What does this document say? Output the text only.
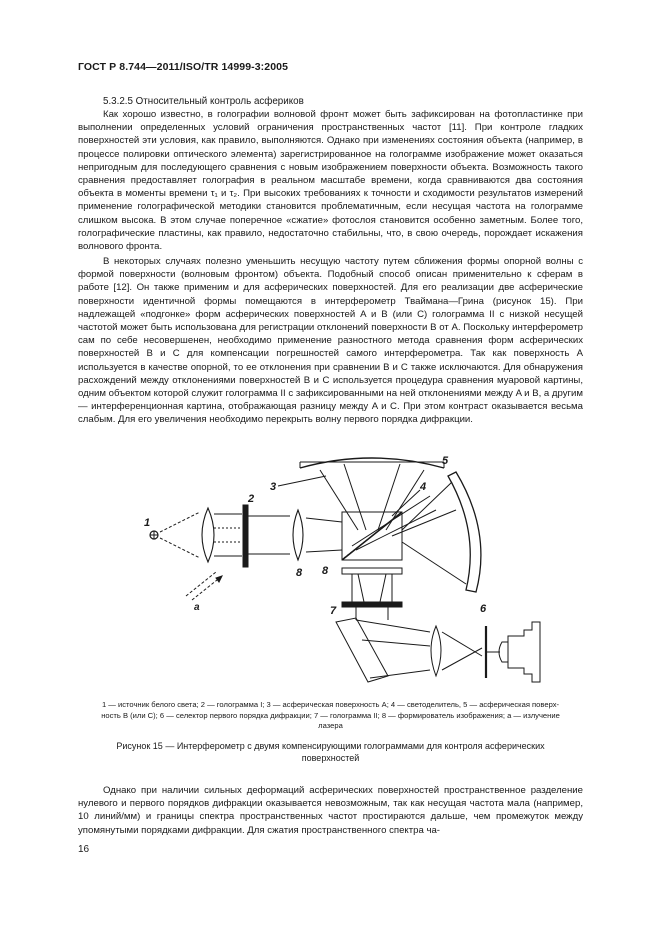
ГОСТ Р 8.744—2011/ISO/TR 14999-3:2005
5.3.2.5 Относительный контроль асфериков

Как хорошо известно, в голографии волновой фронт может быть зафиксирован на фотопластинке при выполнении определенных условий ограничения пространственных частот [11]. При контроле гладких поверхностей эти условия, как правило, выполняются. Однако при изменениях состояния объекта (например, в процессе полировки оптического элемента) зарегистрированное на голограмме изображение может оказаться непригодным для последующего сравнения с новым изображением поверхности объекта. Возможность такого сравнения предоставляет голография в реальном масштабе времени, когда сравниваются два состояния объекта в моменты времени τ₁ и τ₂. При высоких требованиях к точности и сходимости результатов измерений применение голографической методики становится проблематичным, если несущая частота на голограмме слишком высока. В этом случае поперечное «сжатие» фотослоя становится особенно заметным. Более того, голографические пластины, как правило, недостаточно стабильны, что, в свою очередь, порождает искажения волнового фронта.

В некоторых случаях полезно уменьшить несущую частоту путем сближения формы опорной волны с формой поверхности (волновым фронтом) объекта. Подобный способ описан применительно к сферам в работе [12]. Он также применим и для асферических поверхностей. Для его реализации две асферические поверхности идентичной формы помещаются в интерферометр Тваймана—Грина (рисунок 15). При надлежащей «подгонке» форм асферических поверхностей A и B (или C) голограмма II с низкой несущей частотой может быть использована для регистрации отклонений поверхности B от A. Поскольку интерферометр сам по себе несовершенен, необходимо применение разностного метода сравнения форм асферических поверхностей B и C для компенсации погрешностей самого интерферометра. Так как поверхность A используется в качестве опорной, то ее отклонения при сравнении B и C также исключаются. Для обнаружения расхождений между отклонениями поверхностей B и C используется процедура сравнения муаровой картины, одним объектом которой служит голограмма II с зафиксированными на ней отклонениями между A и B, а другим — интерференционная картина, отображающая разницу между A и C. При этом контраст оказывается весьма слабым. Для его увеличения необходимо перекрыть волну первого порядка дифракции.

1
2
3	4
5
6
7
8 8
а
1 — источник белого света; 2 — голограмма I; 3 — асферическая поверхность A; 4 — светоделитель, 5 — асферическая поверх-
ность B (или C); 6 — селектор первого порядка дифракции; 7 — голограмма II; 8 — формирователь изображения; а — излучение
лазера
Рисунок 15 — Интерферометр с двумя компенсирующими голограммами для контроля асферических
поверхностей

Однако при наличии сильных деформаций асферических поверхностей пространственное разделение нулевого и первого порядков дифракции оказывается невозможным, так как несущая частота мала (например, 10 линий/мм) и границы спектра пространственных частот простираются дальше, чем промежуток между упомянутыми порядками дифракции. Для сжатия пространственного спектра ча-

16
